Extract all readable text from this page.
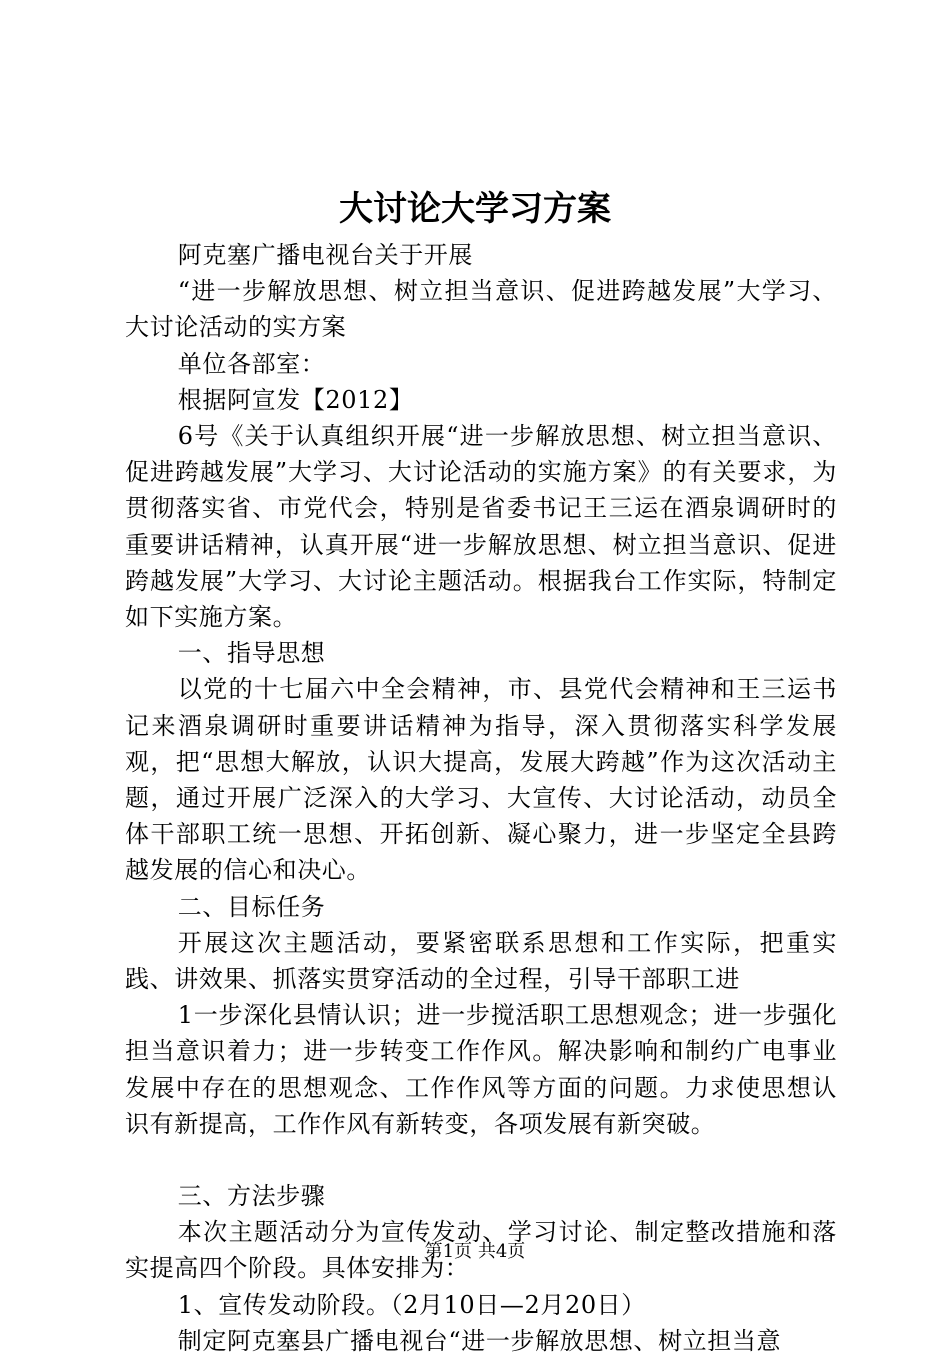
大讨论大学习方案

阿克塞广播电视台关于开展

“进一步解放思想、树立担当意识、促进跨越发展”大学习、大讨论活动的实方案

单位各部室：

根据阿宣发【2012】

6号《关于认真组织开展“进一步解放思想、树立担当意识、促进跨越发展”大学习、大讨论活动的实施方案》的有关要求，为贯彻落实省、市党代会，特别是省委书记王三运在酒泉调研时的重要讲话精神，认真开展“进一步解放思想、树立担当意识、促进跨越发展”大学习、大讨论主题活动。根据我台工作实际，特制定如下实施方案。

一、指导思想

以党的十七届六中全会精神，市、县党代会精神和王三运书记来酒泉调研时重要讲话精神为指导，深入贯彻落实科学发展观，把“思想大解放，认识大提高，发展大跨越”作为这次活动主题，通过开展广泛深入的大学习、大宣传、大讨论活动，动员全体干部职工统一思想、开拓创新、凝心聚力，进一步坚定全县跨越发展的信心和决心。

二、目标任务

开展这次主题活动，要紧密联系思想和工作实际，把重实践、讲效果、抓落实贯穿活动的全过程，引导干部职工进

1一步深化县情认识；进一步搅活职工思想观念；进一步强化担当意识着力；进一步转变工作作风。解决影响和制约广电事业发展中存在的思想观念、工作作风等方面的问题。力求使思想认识有新提高，工作作风有新转变，各项发展有新突破。

三、方法步骤

本次主题活动分为宣传发动、学习讨论、制定整改措施和落实提高四个阶段。具体安排为：

1、宣传发动阶段。（2月10日—2月20日）

制定阿克塞县广播电视台“进一步解放思想、树立担当意

第1页 共4页
